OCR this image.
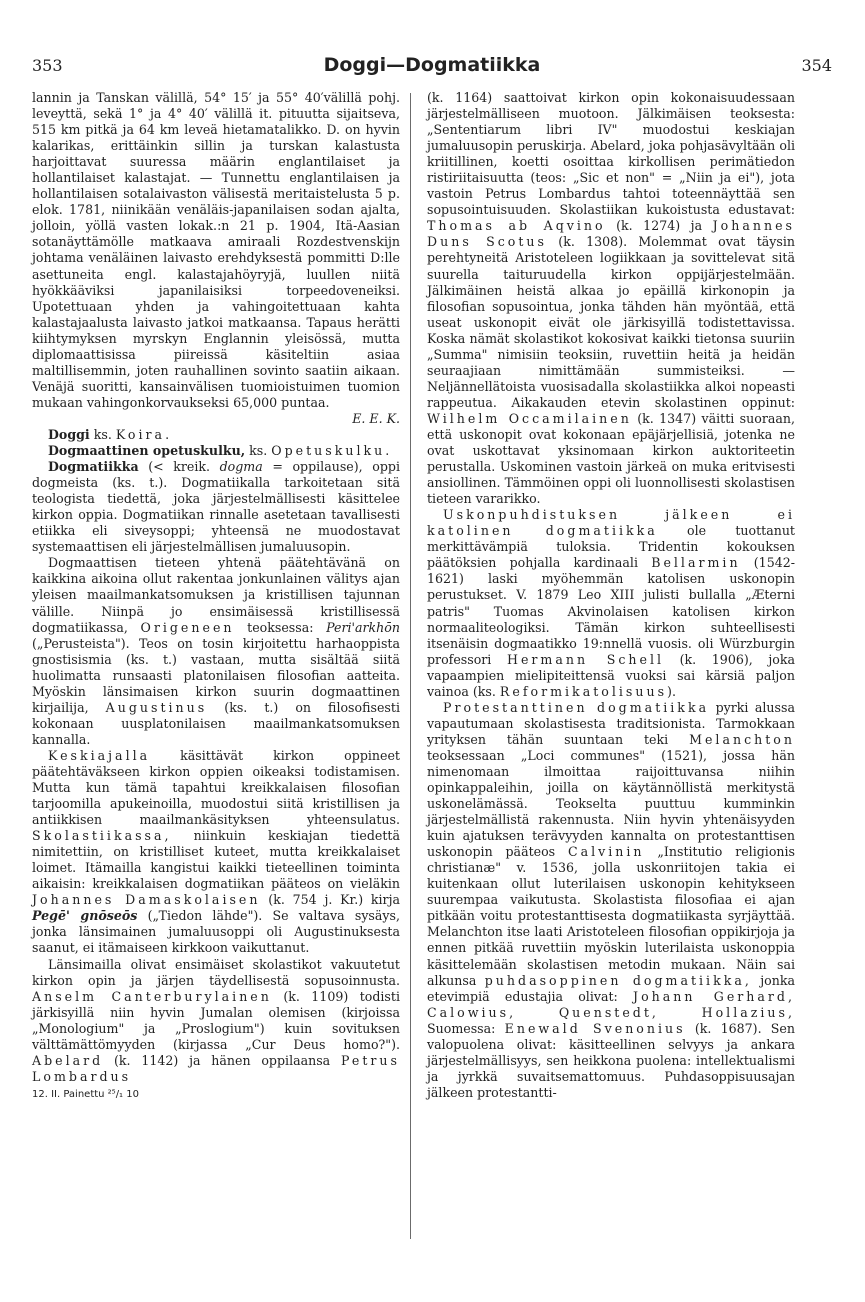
353	Doggi—Dogmatiikka	354

lannin ja Tanskan välillä, 54° 15′ ja 55° 40′välillä pohj. leveyttä, sekä 1° ja 4° 40′ välillä it. pituutta sijaitseva, 515 km pitkä ja 64 km leveä hietamatalikko. D. on hyvin kalarikas, erittäinkin sillin ja turskan kalastusta harjoittavat suuressa määrin englantilaiset ja hollantilaiset kalastajat. — Tunnettu englantilaisen ja hollantilaisen sotalaivaston välisestä meritaistelusta 5 p. elok. 1781, niinikään venäläis-japanilaisen sodan ajalta, jolloin, yöllä vasten lokak.:n 21 p. 1904, Itä-Aasian sotanäyttämölle matkaava amiraali Rozdestvenskijn johtama venäläinen laivasto erehdyksestä pommitti D:lle asettuneita engl. kalastajahöyryjä, luullen niitä hyökkääviksi japanilaisiksi torpeedoveneiksi. Upotettuaan yhden ja vahingoitettuaan kahta kalastajaalusta laivasto jatkoi matkaansa. Tapaus herätti kiihtymyksen myrskyn Englannin yleisössä, mutta diplomaattisissa piireissä käsiteltiin asiaa maltillisemmin, joten rauhallinen sovinto saatiin aikaan. Venäjä suoritti, kansainvälisen tuomioistuimen tuomion mukaan vahingonkorvaukseksi 65,000 puntaa.

E. E. K.

Doggi ks. Koira.

Dogmaattinen opetuskulku, ks. Opetuskulku.

Dogmatiikka (< kreik. dogma = oppilause), oppi dogmeista (ks. t.). Dogmatiikalla tarkoitetaan sitä teologista tiedettä, joka järjestelmällisesti käsittelee kirkon oppia. Dogmatiikan rinnalle asetetaan tavallisesti etiikka eli siveysoppi; yhteensä ne muodostavat systemaattisen eli järjestelmällisen jumaluusopin.

Dogmaattisen tieteen yhtenä päätehtävänä on kaikkina aikoina ollut rakentaa jonkunlainen välitys ajan yleisen maailmankatsomuksen ja kristillisen tajunnan välille. Niinpä jo ensimäisessä kristillisessä dogmatiikassa, Origeneen teoksessa: Peri'arkhōn („Perusteista"). Teos on tosin kirjoitettu harhaoppista gnostisismia (ks. t.) vastaan, mutta sisältää siitä huolimatta runsaasti platonilaisen filosofian aatteita. Myöskin länsimaisen kirkon suurin dogmaattinen kirjailija, Augustinus (ks. t.) on filosofisesti kokonaan uusplatonilaisen maailmankatsomuksen kannalla.

Keskiajalla käsittävät kirkon oppineet päätehtäväkseen kirkon oppien oikeaksi todistamisen. Mutta kun tämä tapahtui kreikkalaisen filosofian tarjoomilla apukeinoilla, muodostui siitä kristillisen ja antiikkisen maailmankäsityksen yhteensulatus. Skolastiikassa, niinkuin keskiajan tiedettä nimitettiin, on kristilliset kuteet, mutta kreikkalaiset loimet. Itämailla kangistui kaikki tieteellinen toiminta aikaisin: kreikkalaisen dogmatiikan pääteos on vieläkin Johannes Damaskolaisen (k. 754 j. Kr.) kirja Pegē' gnōseōs („Tiedon lähde"). Se valtava sysäys, jonka länsimainen jumaluusoppi oli Augustinuksesta saanut, ei itämaiseen kirkkoon vaikuttanut.

Länsimailla olivat ensimäiset skolastikot vakuutetut kirkon opin ja järjen täydellisestä sopusoinnusta. Anselm Canterburylainen (k. 1109) todisti järkisyillä niin hyvin Jumalan olemisen (kirjoissa „Monologium" ja „Proslogium") kuin sovituksen välttämättömyyden (kirjassa „Cur Deus homo?"). Abelard (k. 1142) ja hänen oppilaansa Petrus Lombardus

12. II. Painettu ²⁵/₁ 10

(k. 1164) saattoivat kirkon opin kokonaisuudessaan järjestelmälliseen muotoon. Jälkimäisen teoksesta: „Sententiarum libri IV" muodostui keskiajan jumaluusopin peruskirja. Abelard, joka pohjasävyltään oli kriitillinen, koetti osoittaa kirkollisen perimätiedon ristiriitaisuutta (teos: „Sic et non" = „Niin ja ei"), jota vastoin Petrus Lombardus tahtoi toteennäyttää sen sopusointuisuuden. Skolastiikan kukoistusta edustavat: Thomas ab Aqvino (k. 1274) ja Johannes Duns Scotus (k. 1308). Molemmat ovat täysin perehtyneitä Aristoteleen logiikkaan ja sovittelevat sitä suurella taituruudella kirkon oppijärjestelmään. Jälkimäinen heistä alkaa jo epäillä kirkonopin ja filosofian sopusointua, jonka tähden hän myöntää, että useat uskonopit eivät ole järkisyillä todistettavissa. Koska nämät skolastikot kokosivat kaikki tietonsa suuriin „Summa" nimisiin teoksiin, ruvettiin heitä ja heidän seuraajiaan nimittämään summisteiksi. — Neljännellätoista vuosisadalla skolastiikka alkoi nopeasti rappeutua. Aikakauden etevin skolastinen oppinut: Wilhelm Occamilainen (k. 1347) väitti suoraan, että uskonopit ovat kokonaan epäjärjellisiä, jotenka ne ovat uskottavat yksinomaan kirkon auktoriteetin perustalla. Uskominen vastoin järkeä on muka eritvisesti ansiollinen. Tämmöinen oppi oli luonnollisesti skolastisen tieteen vararikko.

Uskonpuhdistuksen jälkeen ei katolinen dogmatiikka ole tuottanut merkittävämpiä tuloksia. Tridentin kokouksen päätöksien pohjalla kardinaali Bellarmin (1542-1621) laski myöhemmän katolisen uskonopin perustukset. V. 1879 Leo XIII julisti bullalla „Æterni patris" Tuomas Akvinolaisen katolisen kirkon normaaliteologiksi. Tämän kirkon suhteellisesti itsenäisin dogmaatikko 19:nnellä vuosis. oli Würzburgin professori Hermann Schell (k. 1906), joka vapaampien mielipiteittensä vuoksi sai kärsiä paljon vainoa (ks. Reformikatolisuus).

Protestanttinen dogmatiikka pyrki alussa vapautumaan skolastisesta traditsionista. Tarmokkaan yrityksen tähän suuntaan teki Melanchton teoksessaan „Loci communes" (1521), jossa hän nimenomaan ilmoittaa raijoittuvansa niihin opinkappaleihin, joilla on käytännöllistä merkitystä uskonelämässä. Teokselta puuttuu kumminkin järjestelmällistä rakennusta. Niin hyvin yhtenäisyyden kuin ajatuksen terävyyden kannalta on protestanttisen uskonopin pääteos Calvinin „Institutio religionis christianæ" v. 1536, jolla uskonriitojen takia ei kuitenkaan ollut luterilaisen uskonopin kehitykseen suurempaa vaikutusta. Skolastista filosofiaa ei ajan pitkään voitu protestanttisesta dogmatiikasta syrjäyttää. Melanchton itse laati Aristoteleen filosofian oppikirjoja ja ennen pitkää ruvettiin myöskin luterilaista uskonoppia käsittelemään skolastisen metodin mukaan. Näin sai alkunsa puhdasoppinen dogmatiikka, jonka etevimpiä edustajia olivat: Johann Gerhard, Calowius, Quenstedt, Hollazius, Suomessa: Enewald Svenonius (k. 1687). Sen valopuolena olivat: käsitteellinen selvyys ja ankara järjestelmällisyys, sen heikkona puolena: intellektualismi ja jyrkkä suvaitsemattomuus. Puhdasoppisuusajan jälkeen protestantti-
